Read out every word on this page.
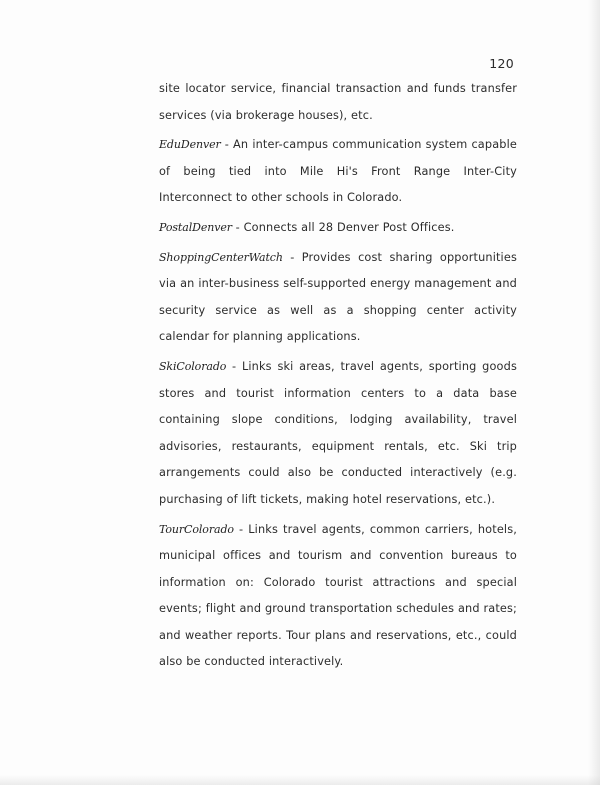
120

site locator service, financial transaction and funds transfer services (via brokerage houses), etc.

EduDenver - An inter-campus communication system capable of being tied into Mile Hi's Front Range Inter-City Interconnect to other schools in Colorado.

PostalDenver - Connects all 28 Denver Post Offices.

ShoppingCenterWatch - Provides cost sharing opportunities via an inter-business self-supported energy management and security service as well as a shopping center activity calendar for planning applications.

SkiColorado - Links ski areas, travel agents, sporting goods stores and tourist information centers to a data base containing slope conditions, lodging availability, travel advisories, restaurants, equipment rentals, etc. Ski trip arrangements could also be conducted interactively (e.g. purchasing of lift tickets, making hotel reservations, etc.).

TourColorado - Links travel agents, common carriers, hotels, municipal offices and tourism and convention bureaus to information on: Colorado tourist attractions and special events; flight and ground transportation schedules and rates; and weather reports. Tour plans and reservations, etc., could also be conducted interactively.
